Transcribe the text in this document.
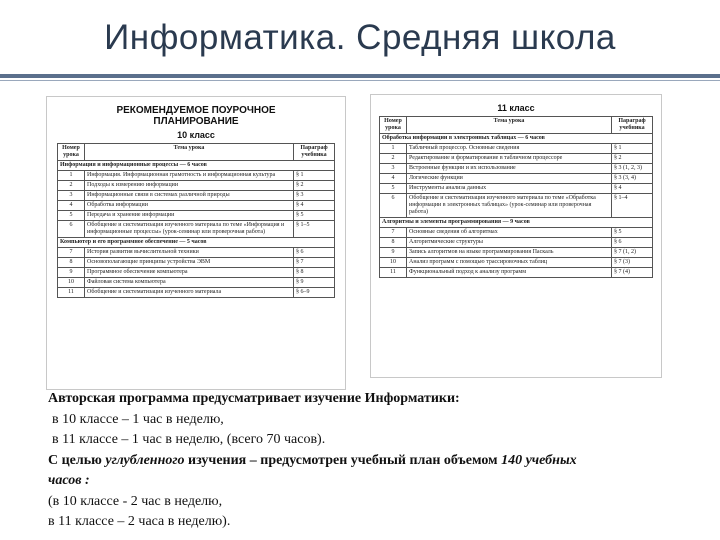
Информатика. Средняя школа
РЕКОМЕНДУЕМОЕ ПОУРОЧНОЕ
ПЛАНИРОВАНИЕ
10 класс
Номер урока	Тема урока	Параграф учебника
Информация и информационные процессы — 6 часов		
1	Информация. Информационная грамотность и информационная культура	§ 1
2	Подходы к измерению информации	§ 2
3	Информационные связи в системах различной природы	§ 3
4	Обработка информации	§ 4
5	Передача и хранение информации	§ 5
6	Обобщение и систематизация изученного материала по теме «Информация и информационные процессы» (урок-семинар или проверочная работа)	§ 1–5
Компьютер и его программное обеспечение — 5 часов		
7	История развития вычислительной техники	§ 6
8	Основополагающие принципы устройства ЭВМ	§ 7
9	Программное обеспечение компьютера	§ 8
10	Файловая система компьютера	§ 9
11	Обобщение и систематизация изученного материала	§ 6–9
11 класс
Номер урока	Тема урока	Параграф учебника
Обработка информации в электронных таблицах — 6 часов		
1	Табличный процессор. Основные сведения	§ 1
2	Редактирование и форматирование в табличном процессоре	§ 2
3	Встроенные функции и их использование	§ 3 (1, 2, 3)
4	Логические функции	§ 3 (3, 4)
5	Инструменты анализа данных	§ 4
6	Обобщение и систематизация изученного материала по теме «Обработка информации в электронных таблицах» (урок-семинар или проверочная работа)	§ 1–4
Алгоритмы и элементы программирования — 9 часов		
7	Основные сведения об алгоритмах	§ 5
8	Алгоритмические структуры	§ 6
9	Запись алгоритмов на языке программирования Паскаль	§ 7 (1, 2)
10	Анализ программ с помощью трассировочных таблиц	§ 7 (3)
11	Функциональный подход к анализу программ	§ 7 (4)
Авторская программа предусматривает изучение Информатики:
в 10 классе – 1 час в неделю,
в 11 классе – 1 час в неделю, (всего 70 часов).
С целью углубленного изучения – предусмотрен учебный план объемом 140 учебных
часов :
(в 10 классе - 2 час в неделю,
в 11 классе – 2 часа в неделю).
